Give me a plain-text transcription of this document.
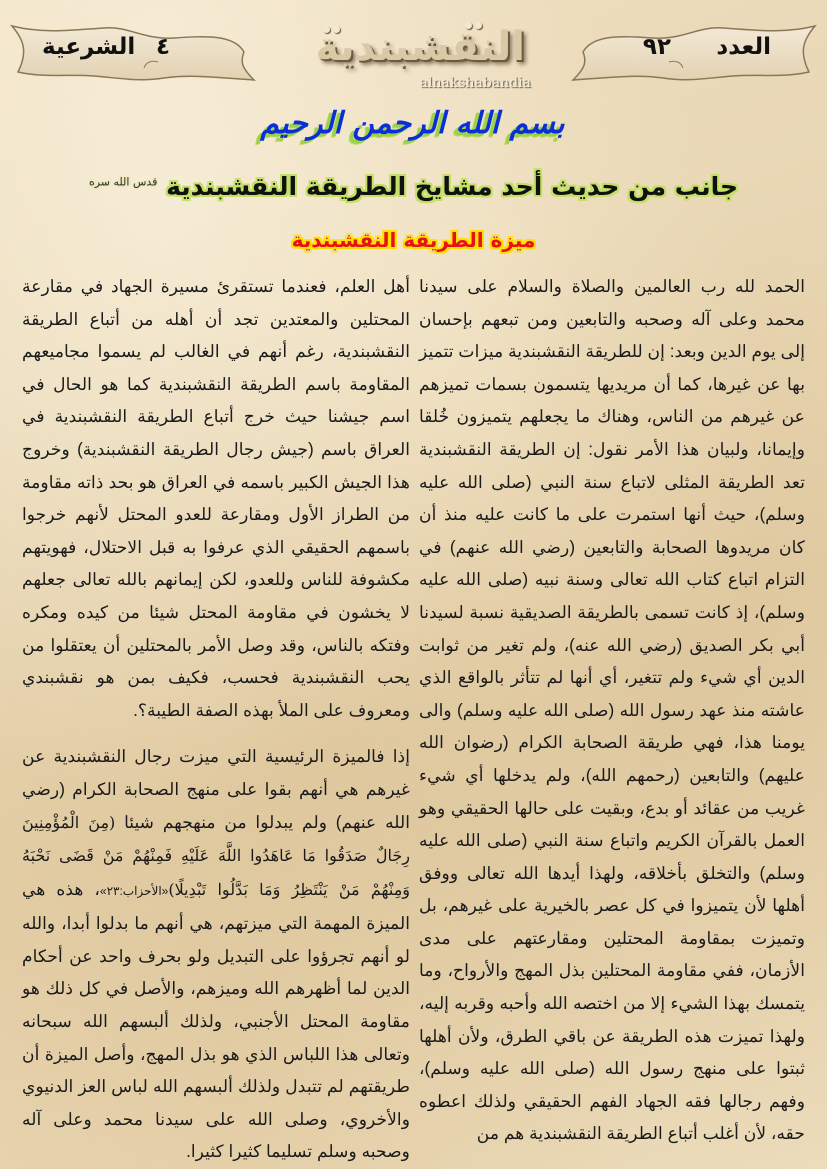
العدد
٩٢
الشرعية ٤	النقشبندية
alnakshabandia
بسم الله الرحمن الرحيم
جانب من حديث أحد مشايخ الطريقة النقشبندية $^{قدس الله سره}$
ميزة الطريقة النقشبندية

الحمد لله رب العالمين والصلاة والسلام على سيدنا محمد وعلى آله وصحبه والتابعين ومن تبعهم بإحسان إلى يوم الدين وبعد: إن للطريقة النقشبندية ميزات تتميز بها عن غيرها، كما أن مريديها يتسمون بسمات تميزهم عن غيرهم من الناس، وهناك ما يجعلهم يتميزون خُلقا وإيمانا، ولبيان هذا الأمر نقول: إن الطريقة النقشبندية تعد الطريقة المثلى لاتباع سنة النبي (صلى الله عليه وسلم)، حيث أنها استمرت على ما كانت عليه منذ أن كان مريدوها الصحابة والتابعين (رضي الله عنهم) في التزام اتباع كتاب الله تعالى وسنة نبيه (صلى الله عليه وسلم)، إذ كانت تسمى بالطريقة الصديقية نسبة لسيدنا أبي بكر الصديق (رضي الله عنه)، ولم تغير من ثوابت الدين أي شيء ولم تتغير، أي أنها لم تتأثر بالواقع الذي عاشته منذ عهد رسول الله (صلى الله عليه وسلم) والى يومنا هذا، فهي طريقة الصحابة الكرام (رضوان الله عليهم) والتابعين (رحمهم الله)، ولم يدخلها أي شيء غريب من عقائد أو بدع، وبقيت على حالها الحقيقي وهو العمل بالقرآن الكريم واتباع سنة النبي (صلى الله عليه وسلم) والتخلق بأخلاقه، ولهذا أيدها الله تعالى ووفق أهلها لأن يتميزوا في كل عصر بالخيرية على غيرهم، بل وتميزت بمقاومة المحتلين ومقارعتهم على مدى الأزمان، ففي مقاومة المحتلين بذل المهج والأرواح، وما يتمسك بهذا الشيء إلا من اختصه الله وأحبه وقربه إليه، ولهذا تميزت هذه الطريقة عن باقي الطرق، ولأن أهلها ثبتوا على منهج رسول الله (صلى الله عليه وسلم)، وفهم رجالها فقه الجهاد الفهم الحقيقي ولذلك اعطوه حقه، لأن أغلب أتباع الطريقة النقشبندية هم من

أهل العلم، فعندما تستقرئ مسيرة الجهاد في مقارعة المحتلين والمعتدين تجد أن أهله من أتباع الطريقة النقشبندية، رغم أنهم في الغالب لم يسموا مجاميعهم المقاومة باسم الطريقة النقشبندية كما هو الحال في اسم جيشنا حيث خرج أتباع الطريقة النقشبندية في العراق باسم (جيش رجال الطريقة النقشبندية) وخروج هذا الجيش الكبير باسمه في العراق هو بحد ذاته مقاومة من الطراز الأول ومقارعة للعدو المحتل لأنهم خرجوا باسمهم الحقيقي الذي عرفوا به قبل الاحتلال، فهويتهم مكشوفة للناس وللعدو، لكن إيمانهم بالله تعالى جعلهم لا يخشون في مقاومة المحتل شيئا من كيده ومكره وفتكه بالناس، وقد وصل الأمر بالمحتلين أن يعتقلوا من يحب النقشبندية فحسب، فكيف بمن هو نقشبندي ومعروف على الملأ بهذه الصفة الطيبة؟.

إذا فالميزة الرئيسية التي ميزت رجال النقشبندية عن غيرهم هي أنهم بقوا على منهج الصحابة الكرام (رضي الله عنهم) ولم يبدلوا من منهجهم شيئا (مِنَ الْمُؤْمِنِينَ رِجَالٌ صَدَقُوا مَا عَاهَدُوا اللَّهَ عَلَيْهِ فَمِنْهُمْ مَنْ قَضَى نَحْبَهُ وَمِنْهُمْ مَنْ يَنْتَظِرُ وَمَا بَدَّلُوا تَبْدِيلًا)«الأحزاب:٢٣»، هذه هي الميزة المهمة التي ميزتهم، هي أنهم ما بدلوا أبدا، والله لو أنهم تجرؤوا على التبديل ولو بحرف واحد عن أحكام الدين لما أظهرهم الله وميزهم، والأصل في كل ذلك هو مقاومة المحتل الأجنبي، ولذلك ألبسهم الله سبحانه وتعالى هذا اللباس الذي هو بذل المهج، وأصل الميزة أن طريقتهم لم تتبدل ولذلك ألبسهم الله لباس العز الدنيوي والأخروي، وصلى الله على سيدنا محمد وعلى آله وصحبه وسلم تسليما كثيرا كثيرا.
